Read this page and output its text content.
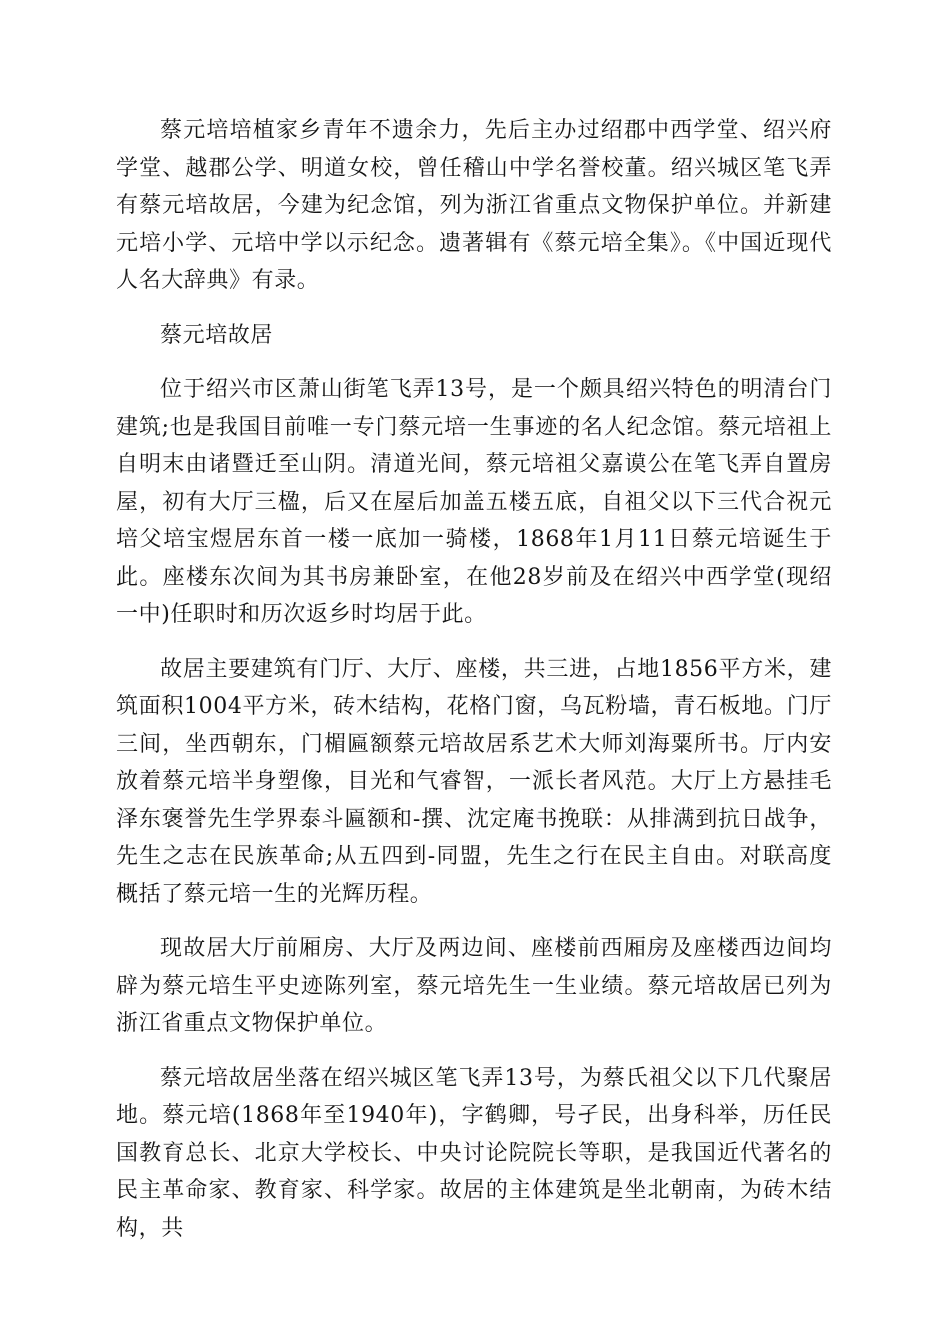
蔡元培培植家乡青年不遗余力，先后主办过绍郡中西学堂、绍兴府学堂、越郡公学、明道女校，曾任稽山中学名誉校董。绍兴城区笔飞弄有蔡元培故居，今建为纪念馆，列为浙江省重点文物保护单位。并新建元培小学、元培中学以示纪念。遗著辑有《蔡元培全集》。《中国近现代人名大辞典》有录。

蔡元培故居

位于绍兴市区萧山街笔飞弄13号，是一个颇具绍兴特色的明清台门建筑;也是我国目前唯一专门蔡元培一生事迹的名人纪念馆。蔡元培祖上自明末由诸暨迁至山阴。清道光间，蔡元培祖父嘉谟公在笔飞弄自置房屋，初有大厅三楹，后又在屋后加盖五楼五底，自祖父以下三代合祝元培父培宝煜居东首一楼一底加一骑楼，1868年1月11日蔡元培诞生于此。座楼东次间为其书房兼卧室，在他28岁前及在绍兴中西学堂(现绍一中)任职时和历次返乡时均居于此。

故居主要建筑有门厅、大厅、座楼，共三进，占地1856平方米，建筑面积1004平方米，砖木结构，花格门窗，乌瓦粉墙，青石板地。门厅三间，坐西朝东，门楣匾额蔡元培故居系艺术大师刘海粟所书。厅内安放着蔡元培半身塑像，目光和气睿智，一派长者风范。大厅上方悬挂毛泽东褒誉先生学界泰斗匾额和-撰、沈定庵书挽联：从排满到抗日战争，先生之志在民族革命;从五四到-同盟，先生之行在民主自由。对联高度概括了蔡元培一生的光辉历程。

现故居大厅前厢房、大厅及两边间、座楼前西厢房及座楼西边间均辟为蔡元培生平史迹陈列室，蔡元培先生一生业绩。蔡元培故居已列为浙江省重点文物保护单位。

蔡元培故居坐落在绍兴城区笔飞弄13号，为蔡氏祖父以下几代聚居地。蔡元培(1868年至1940年)，字鹤卿，号孑民，出身科举，历任民国教育总长、北京大学校长、中央讨论院院长等职，是我国近代著名的民主革命家、教育家、科学家。故居的主体建筑是坐北朝南，为砖木结构，共
